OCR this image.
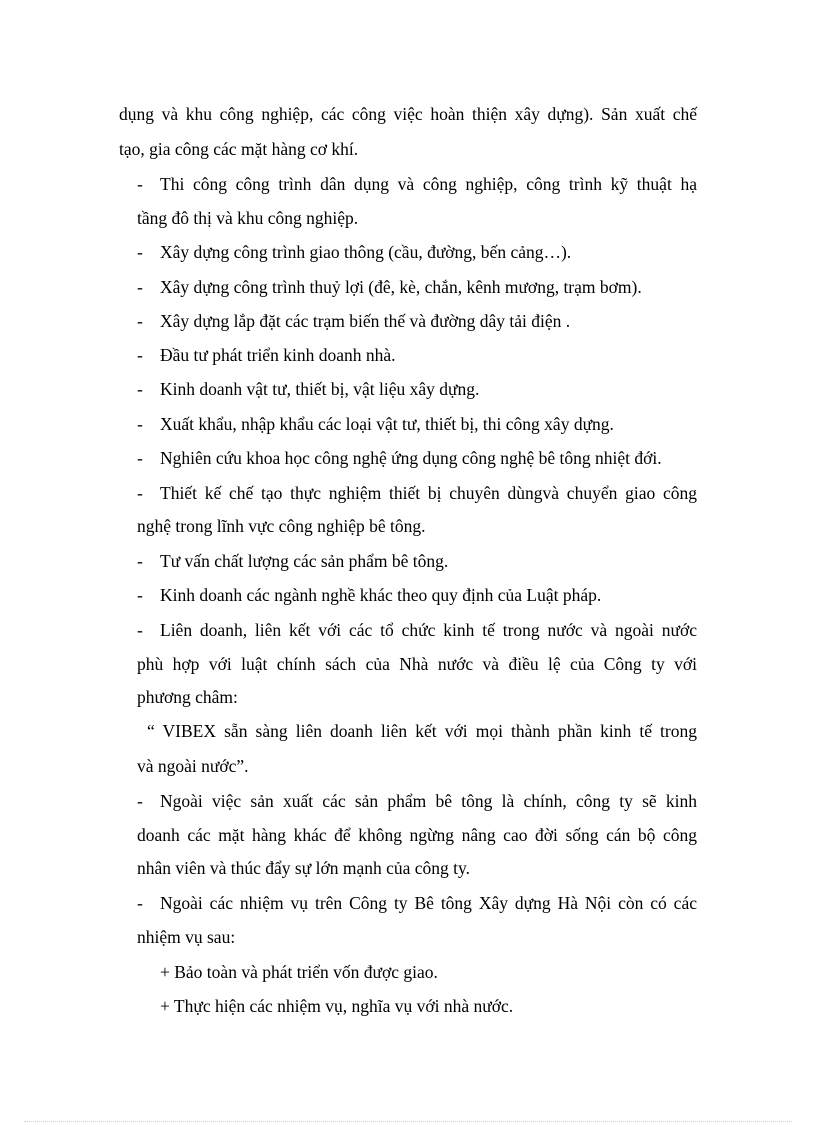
dụng và khu công nghiệp, các công việc hoàn thiện xây dựng). Sản xuất chế
tạo, gia công các mặt hàng cơ khí.
- Thi công công trình dân dụng và công nghiệp, công trình kỹ thuật hạ
tầng đô thị và khu công nghiệp.
- Xây dựng công trình giao thông (cầu, đường, bến cảng…).
- Xây dựng công trình thuỷ lợi (đê, kè, chắn, kênh mương, trạm bơm).
- Xây dựng lắp đặt các trạm biến thế và đường dây tải điện .
- Đầu tư phát triển kinh doanh nhà.
- Kinh doanh vật tư, thiết bị, vật liệu xây dựng.
- Xuất khẩu, nhập khẩu các loại vật tư, thiết bị, thi công xây dựng.
- Nghiên cứu khoa học công nghệ ứng dụng công nghệ bê tông nhiệt đới.
- Thiết kế chế tạo thực nghiệm thiết bị chuyên dùngvà chuyển giao công
nghệ trong lĩnh vực công nghiệp bê tông.
- Tư vấn chất lượng các sản phẩm bê tông.
- Kinh doanh các ngành nghề khác theo quy định của Luật pháp.
- Liên doanh, liên kết với các tổ chức kinh tế trong nước và ngoài nước
phù hợp với luật chính sách của Nhà nước và điều lệ của Công ty với
phương châm:
“ VIBEX sẵn sàng liên doanh liên kết với mọi thành phần kinh tế trong
và ngoài nước”.
- Ngoài việc sản xuất các sản phẩm bê tông là chính, công ty sẽ kinh
doanh các mặt hàng khác để không ngừng nâng cao đời sống cán bộ công
nhân viên và thúc đẩy sự lớn mạnh của công ty.
- Ngoài các nhiệm vụ trên Công ty Bê tông Xây dựng Hà Nội còn có các
nhiệm vụ sau:
+ Bảo toàn và phát triển vốn được giao.
+ Thực hiện các nhiệm vụ, nghĩa vụ với nhà nước.
